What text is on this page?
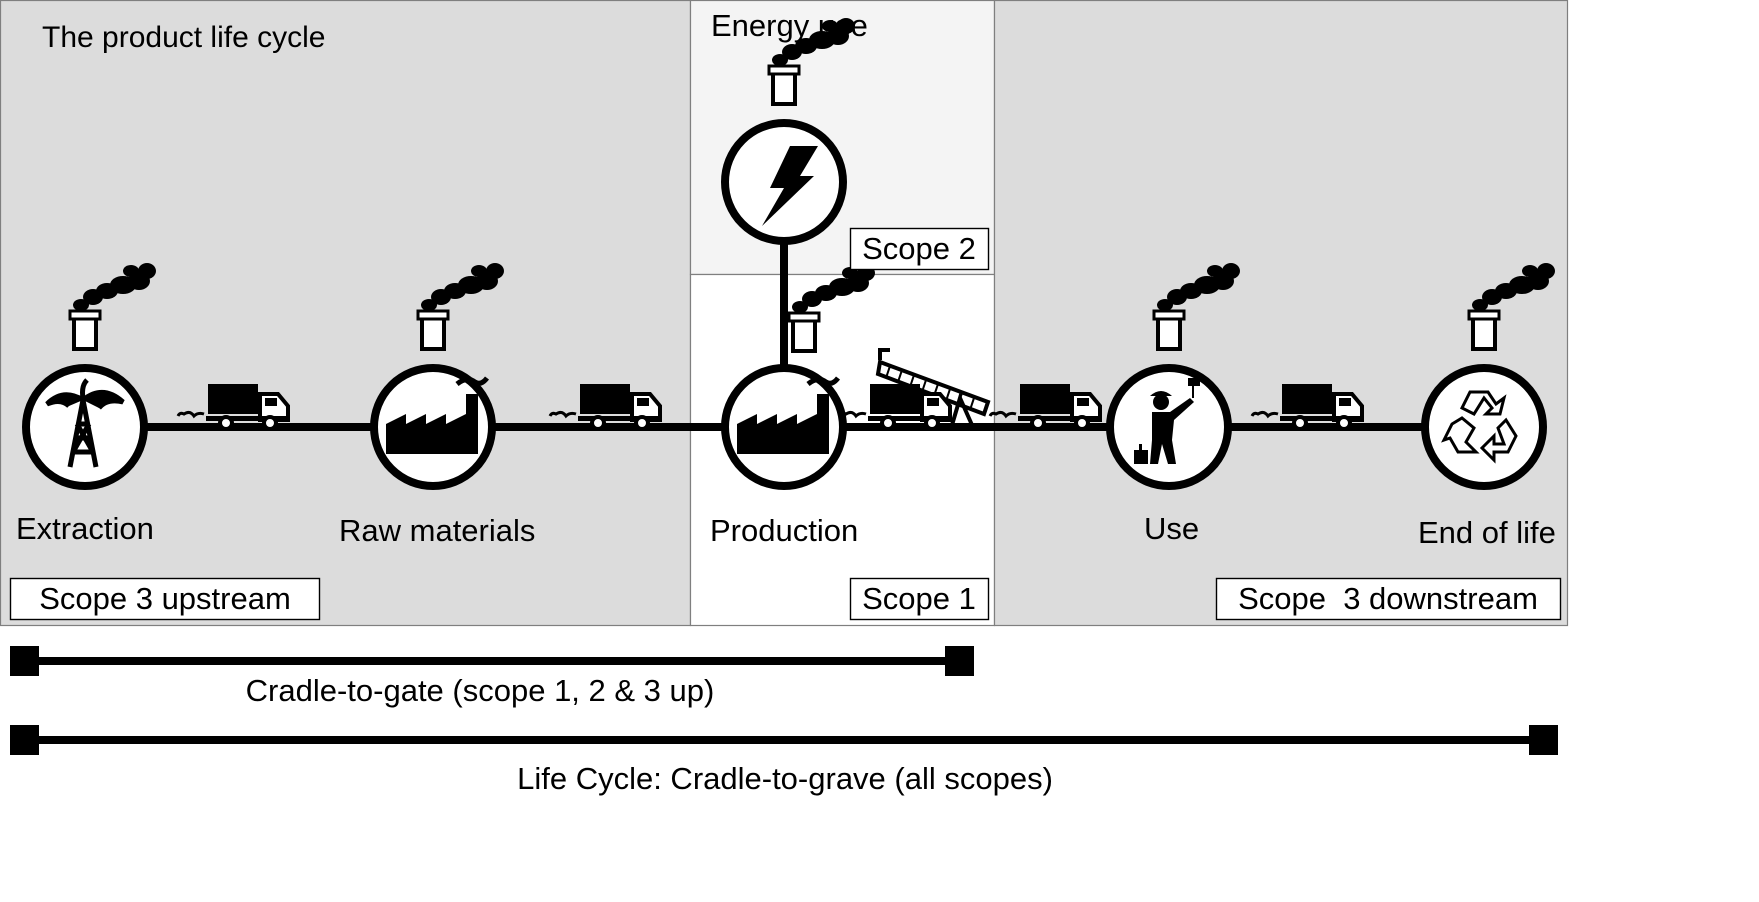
Extraction	Raw materials
Energy use
Production	Use	End of life
The product life cycle
Scope 3 upstream
Scope 2
Scope 1	Scope  3 downstream
Cradle-to-gate (scope 1, 2 & 3 up)
Life Cycle: Cradle-to-grave (all scopes)
